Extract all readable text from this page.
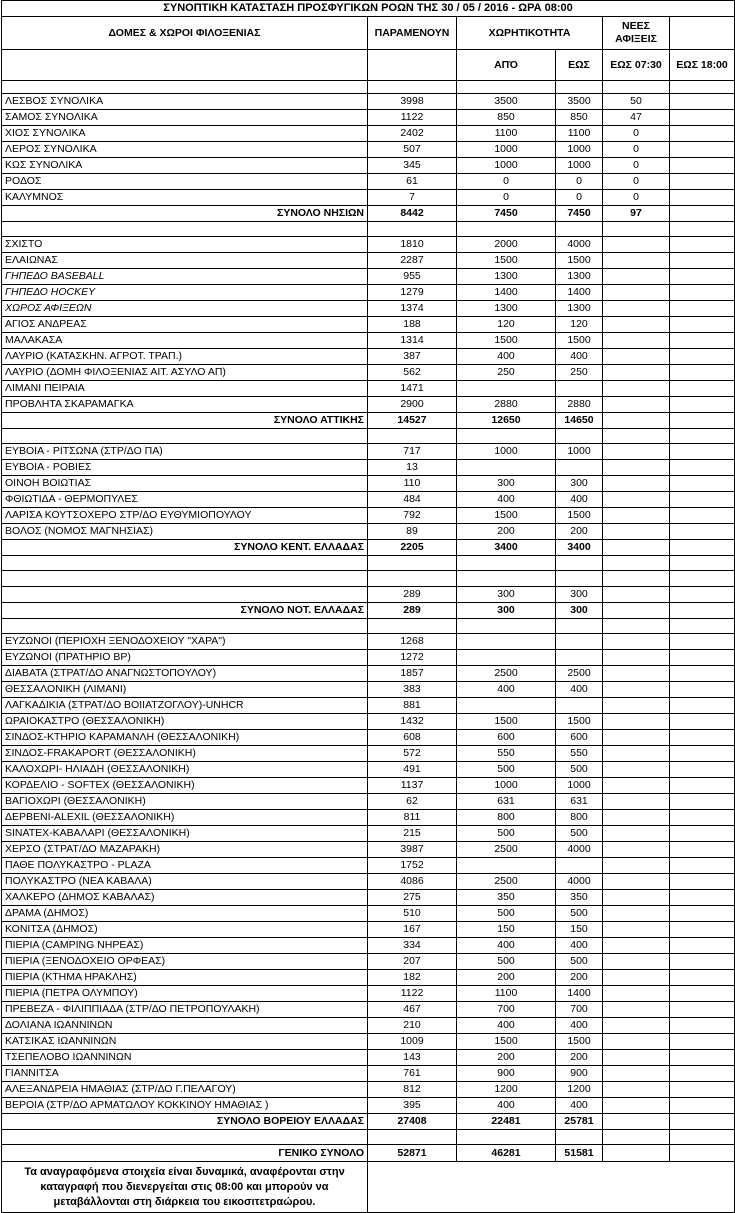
ΣΥΝΟΠΤΙΚΗ ΚΑΤΑΣΤΑΣΗ ΠΡΟΣΦΥΓΙΚΩΝ ΡΟΩΝ ΤΗΣ 30 / 05 / 2016 - ΩΡΑ 08:00					
ΔΟΜΕΣ & ΧΩΡΟΙ ΦΙΛΟΞΕΝΙΑΣ	ΠΑΡΑΜΕΝΟΥΝ	ΧΩΡΗΤΙΚΟΤΗΤΑ		ΝΕΕΣ ΑΦΙΞΕΙΣ	
		ΑΠΌ	ΕΩΣ	ΕΩΣ 07:30	ΕΩΣ 18:00

ΛΕΣΒΟΣ ΣΥΝΟΛΙΚΑ	3998	3500	3500	50	
ΣΑΜΟΣ ΣΥΝΟΛΙΚΑ	1122	850	850	47	
ΧΙΟΣ ΣΥΝΟΛΙΚΑ	2402	1100	1100	0	
ΛΕΡΟΣ ΣΥΝΟΛΙΚΑ	507	1000	1000	0	
ΚΩΣ ΣΥΝΟΛΙΚΑ	345	1000	1000	0	
ΡΟΔΟΣ	61	0	0	0	
ΚΑΛΥΜΝΟΣ	7	0	0	0	
ΣΥΝΟΛΟ ΝΗΣΙΩΝ	8442	7450	7450	97	

ΣΧΙΣΤΟ	1810	2000	4000		
ΕΛΑΙΩΝΑΣ	2287	1500	1500		
ΓΗΠΕΔΟ BASEBALL	955	1300	1300		
ΓΗΠΕΔΟ HOCKEY	1279	1400	1400		
ΧΩΡΟΣ ΑΦΙΞΕΩΝ	1374	1300	1300		
ΑΓΙΟΣ ΑΝΔΡΕΑΣ	188	120	120		
ΜΑΛΑΚΑΣΑ	1314	1500	1500		
ΛΑΥΡΙΟ (ΚΑΤΑΣΚΗΝ. ΑΓΡΟΤ. ΤΡΑΠ.)	387	400	400		
ΛΑΥΡΙΟ (ΔΟΜΗ ΦΙΛΟΞΕΝΙΑΣ ΑΙΤ. ΑΣΥΛΟ ΑΠ)	562	250	250		
ΛΙΜΑΝΙ ΠΕΙΡΑΙΑ	1471				
ΠΡΟΒΛΗΤΑ ΣΚΑΡΑΜΑΓΚΑ	2900	2880	2880		
ΣΥΝΟΛΟ ΑΤΤΙΚΗΣ	14527	12650	14650		

ΕΥΒΟΙΑ - ΡΙΤΣΩΝΑ (ΣΤΡ/ΔΟ ΠΑ)	717	1000	1000		
ΕΥΒΟΙΑ - ΡΟΒΙΕΣ	13				
ΟΙΝΟΗ ΒΟΙΩΤΙΑΣ	110	300	300		
ΦΘΙΩΤΙΔΑ - ΘΕΡΜΟΠΥΛΕΣ	484	400	400		
ΛΑΡΙΣΑ ΚΟΥΤΣΟΧΕΡΟ ΣΤΡ/ΔΟ ΕΥΘΥΜΙΟΠΟΥΛΟΥ	792	1500	1500		
ΒΟΛΟΣ (ΝΟΜΟΣ ΜΑΓΝΗΣΙΑΣ)	89	200	200		
ΣΥΝΟΛΟ ΚΕΝΤ. ΕΛΛΑΔΑΣ	2205	3400	3400		

	289	300	300		
ΣΥΝΟΛΟ ΝΟΤ. ΕΛΛΑΔΑΣ	289	300	300		

ΕΥΖΩΝΟΙ (ΠΕΡΙΟΧΗ ΞΕΝΟΔΟΧΕΙΟΥ "ΧΑΡΑ")	1268				
ΕΥΖΩΝΟΙ (ΠΡΑΤΗΡΙΟ BP)	1272				
ΔΙΑΒΑΤΑ (ΣΤΡΑΤ/ΔΟ ΑΝΑΓΝΩΣΤΟΠΟΥΛΟΥ)	1857	2500	2500		
ΘΕΣΣΑΛΟΝΙΚΗ (ΛΙΜΑΝΙ)	383	400	400		
ΛΑΓΚΑΔΙΚΙΑ (ΣΤΡΑΤ/ΔΟ ΒΟΙΙΑΤΖΟΓΛΟΥ)-UNHCR	881				
ΩΡΑΙΟΚΑΣΤΡΟ (ΘΕΣΣΑΛΟΝΙΚΗ)	1432	1500	1500		
ΣΙΝΔΟΣ-ΚΤΗΡΙΟ ΚΑΡΑΜΑΝΛΗ (ΘΕΣΣΑΛΟΝΙΚΗ)	608	600	600		
ΣΙΝΔΟΣ-FRAKAPORT (ΘΕΣΣΑΛΟΝΙΚΗ)	572	550	550		
ΚΑΛΟΧΩΡΙ- ΗΛΙΑΔΗ (ΘΕΣΣΑΛΟΝΙΚΗ)	491	500	500		
ΚΟΡΔΕΛΙΟ - SOFTEX (ΘΕΣΣΑΛΟΝΙΚΗ)	1137	1000	1000		
ΒΑΓΙΟΧΩΡΙ (ΘΕΣΣΑΛΟΝΙΚΗ)	62	631	631		
ΔΕΡΒΕΝΙ-ALEXIL (ΘΕΣΣΑΛΟΝΙΚΗ)	811	800	800		
SINATEX-ΚΑΒΑΛΑΡΙ (ΘΕΣΣΑΛΟΝΙΚΗ)	215	500	500		
ΧΕΡΣΟ (ΣΤΡΑΤ/ΔΟ ΜΑΖΑΡΑΚΗ)	3987	2500	4000		
ΠΑΘΕ ΠΟΛΥΚΑΣΤΡΟ - PLAZA	1752				
ΠΟΛΥΚΑΣΤΡΟ (ΝΕΑ ΚΑΒΑΛΑ)	4086	2500	4000		
ΧΑΛΚΕΡΟ (ΔΗΜΟΣ ΚΑΒΑΛΑΣ)	275	350	350		
ΔΡΑΜΑ (ΔΗΜΟΣ)	510	500	500		
ΚΟΝΙΤΣΑ (ΔΗΜΟΣ)	167	150	150		
ΠΙΕΡΙΑ (CAMPING ΝΗΡΕΑΣ)	334	400	400		
ΠΙΕΡΙΑ (ΞΕΝΟΔΟΧΕΙΟ ΟΡΦΕΑΣ)	207	500	500		
ΠΙΕΡΙΑ (ΚΤΗΜΑ ΗΡΑΚΛΗΣ)	182	200	200		
ΠΙΕΡΙΑ (ΠΕΤΡΑ ΟΛΥΜΠΟΥ)	1122	1100	1400		
ΠΡΕΒΕΖΑ - ΦΙΛΙΠΠΙΑΔΑ (ΣΤΡ/ΔΟ ΠΕΤΡΟΠΟΥΛΑΚΗ)	467	700	700		
ΔΟΛΙΑΝΑ ΙΩΑΝΝΙΝΩΝ	210	400	400		
ΚΑΤΣΙΚΑΣ ΙΩΑΝΝΙΝΩΝ	1009	1500	1500		
ΤΣΕΠΕΛΟΒΟ ΙΩΑΝΝΙΝΩΝ	143	200	200		
ΓΙΑΝΝΙΤΣΑ	761	900	900		
ΑΛΕΞΑΝΔΡΕΙΑ ΗΜΑΘΙΑΣ (ΣΤΡ/ΔΟ Γ.ΠΕΛΑΓΟΥ)	812	1200	1200		
ΒΕΡΟΙΑ (ΣΤΡ/ΔΟ ΑΡΜΑΤΩΛΟΥ ΚΟΚΚΙΝΟΥ ΗΜΑΘΙΑΣ )	395	400	400		
ΣΥΝΟΛΟ ΒΟΡΕΙΟΥ ΕΛΛΑΔΑΣ	27408	22481	25781		

ΓΕΝΙΚΟ ΣΥΝΟΛΟ	52871	46281	51581		
Τα αναγραφόμενα στοιχεία είναι δυναμικά, αναφέρονται στην καταγραφή που διενεργείται στις 08:00 και μπορούν να μεταβάλλονται στη διάρκεια του εικοσιτετραώρου.					
